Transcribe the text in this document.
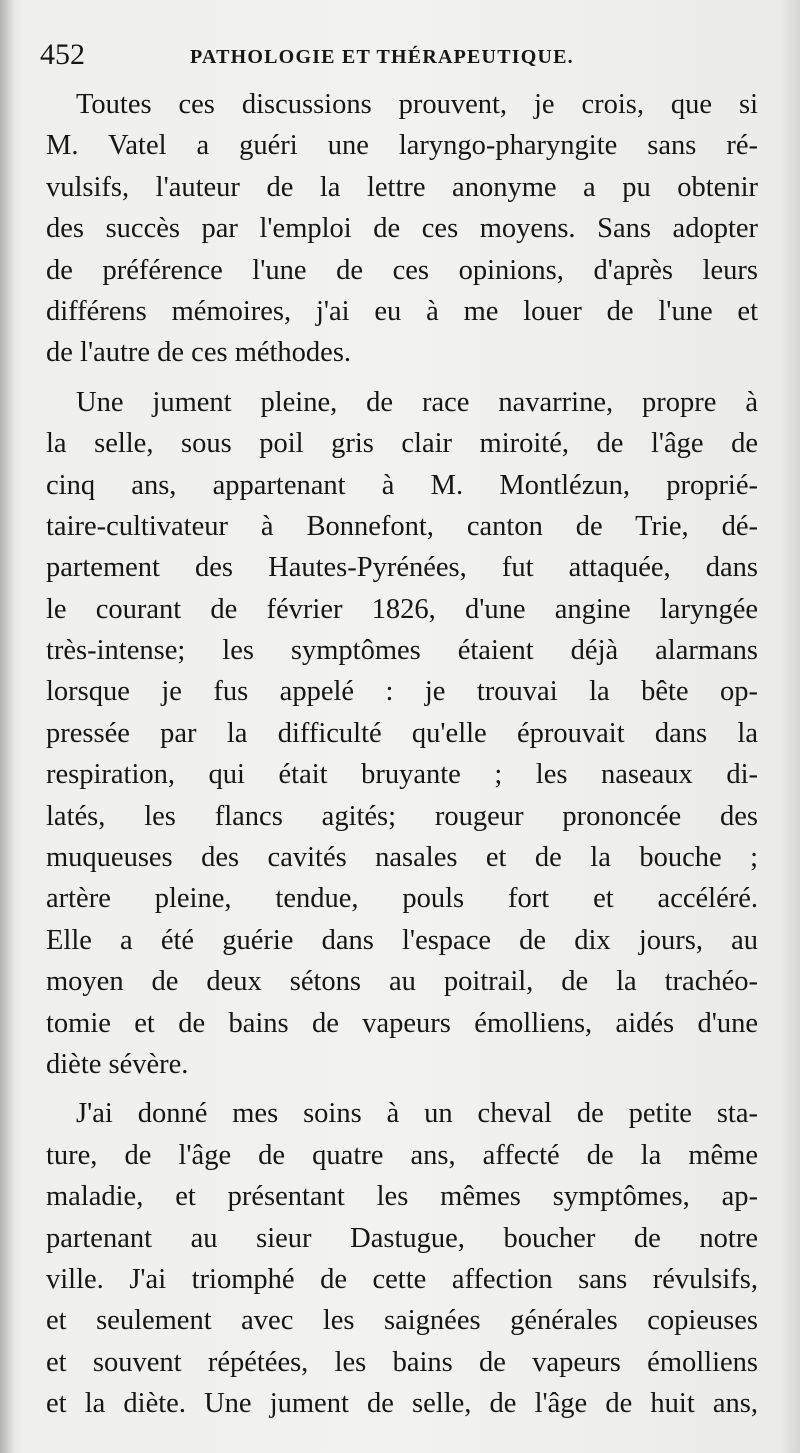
452	PATHOLOGIE ET THÉRAPEUTIQUE.
Toutes ces discussions prouvent, je crois, que si
M. Vatel a guéri une laryngo-pharyngite sans ré-
vulsifs, l'auteur de la lettre anonyme a pu obtenir
des succès par l'emploi de ces moyens. Sans adopter
de préférence l'une de ces opinions, d'après leurs
différens mémoires, j'ai eu à me louer de l'une et
de l'autre de ces méthodes.
Une jument pleine, de race navarrine, propre à
la selle, sous poil gris clair miroité, de l'âge de
cinq ans, appartenant à M. Montlézun, proprié-
taire-cultivateur à Bonnefont, canton de Trie, dé-
partement des Hautes-Pyrénées, fut attaquée, dans
le courant de février 1826, d'une angine laryngée
très-intense; les symptômes étaient déjà alarmans
lorsque je fus appelé : je trouvai la bête op-
pressée par la difficulté qu'elle éprouvait dans la
respiration, qui était bruyante ; les naseaux di-
latés, les flancs agités; rougeur prononcée des
muqueuses des cavités nasales et de la bouche ;
artère pleine, tendue, pouls fort et accéléré.
Elle a été guérie dans l'espace de dix jours, au
moyen de deux sétons au poitrail, de la trachéo-
tomie et de bains de vapeurs émolliens, aidés d'une
diète sévère.
J'ai donné mes soins à un cheval de petite sta-
ture, de l'âge de quatre ans, affecté de la même
maladie, et présentant les mêmes symptômes, ap-
partenant au sieur Dastugue, boucher de notre
ville. J'ai triomphé de cette affection sans révulsifs,
et seulement avec les saignées générales copieuses
et souvent répétées, les bains de vapeurs émolliens
et la diète. Une jument de selle, de l'âge de huit ans,
